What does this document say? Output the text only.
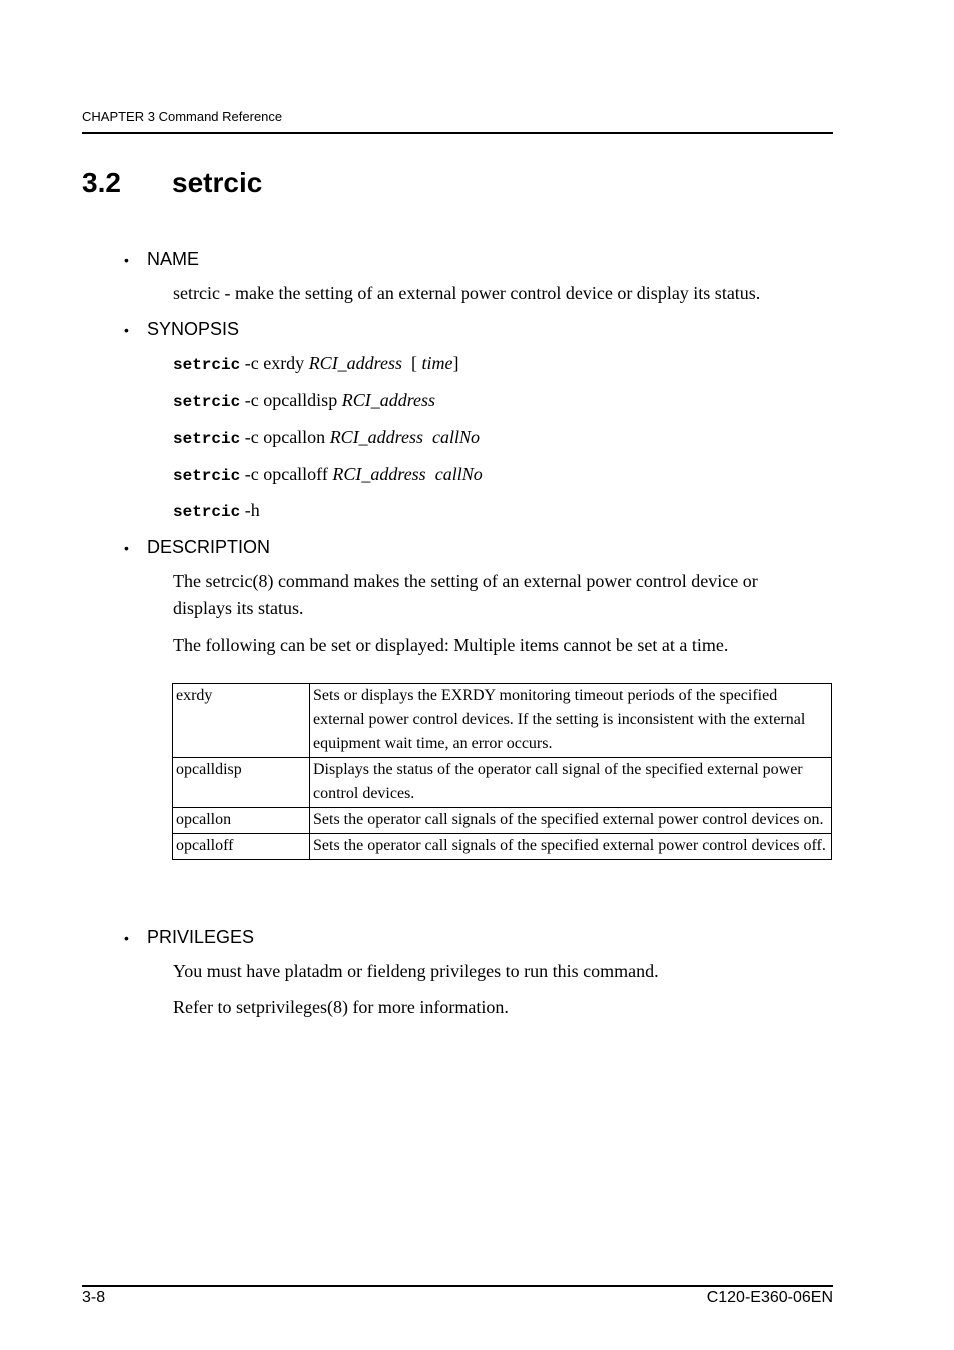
CHAPTER 3 Command Reference
3.2 setrcic
• NAME
setrcic - make the setting of an external power control device or display its status.
• SYNOPSIS
setrcic -c exrdy RCI_address  [ time]
setrcic -c opcalldisp RCI_address
setrcic -c opcallon RCI_address callNo
setrcic -c opcalloff RCI_address callNo
setrcic -h
• DESCRIPTION
The setrcic(8) command makes the setting of an external power control device or
displays its status.
The following can be set or displayed: Multiple items cannot be set at a time.
exrdy	Sets or displays the EXRDY monitoring timeout periods of the specified external power control devices. If the setting is inconsistent with the external equipment wait time, an error occurs.
opcalldisp	Displays the status of the operator call signal of the specified external power control devices.
opcallon	Sets the operator call signals of the specified external power control devices on.
opcalloff	Sets the operator call signals of the specified external power control devices off.
• PRIVILEGES
You must have platadm or fieldeng privileges to run this command.
Refer to setprivileges(8) for more information.
3-8	C120-E360-06EN
